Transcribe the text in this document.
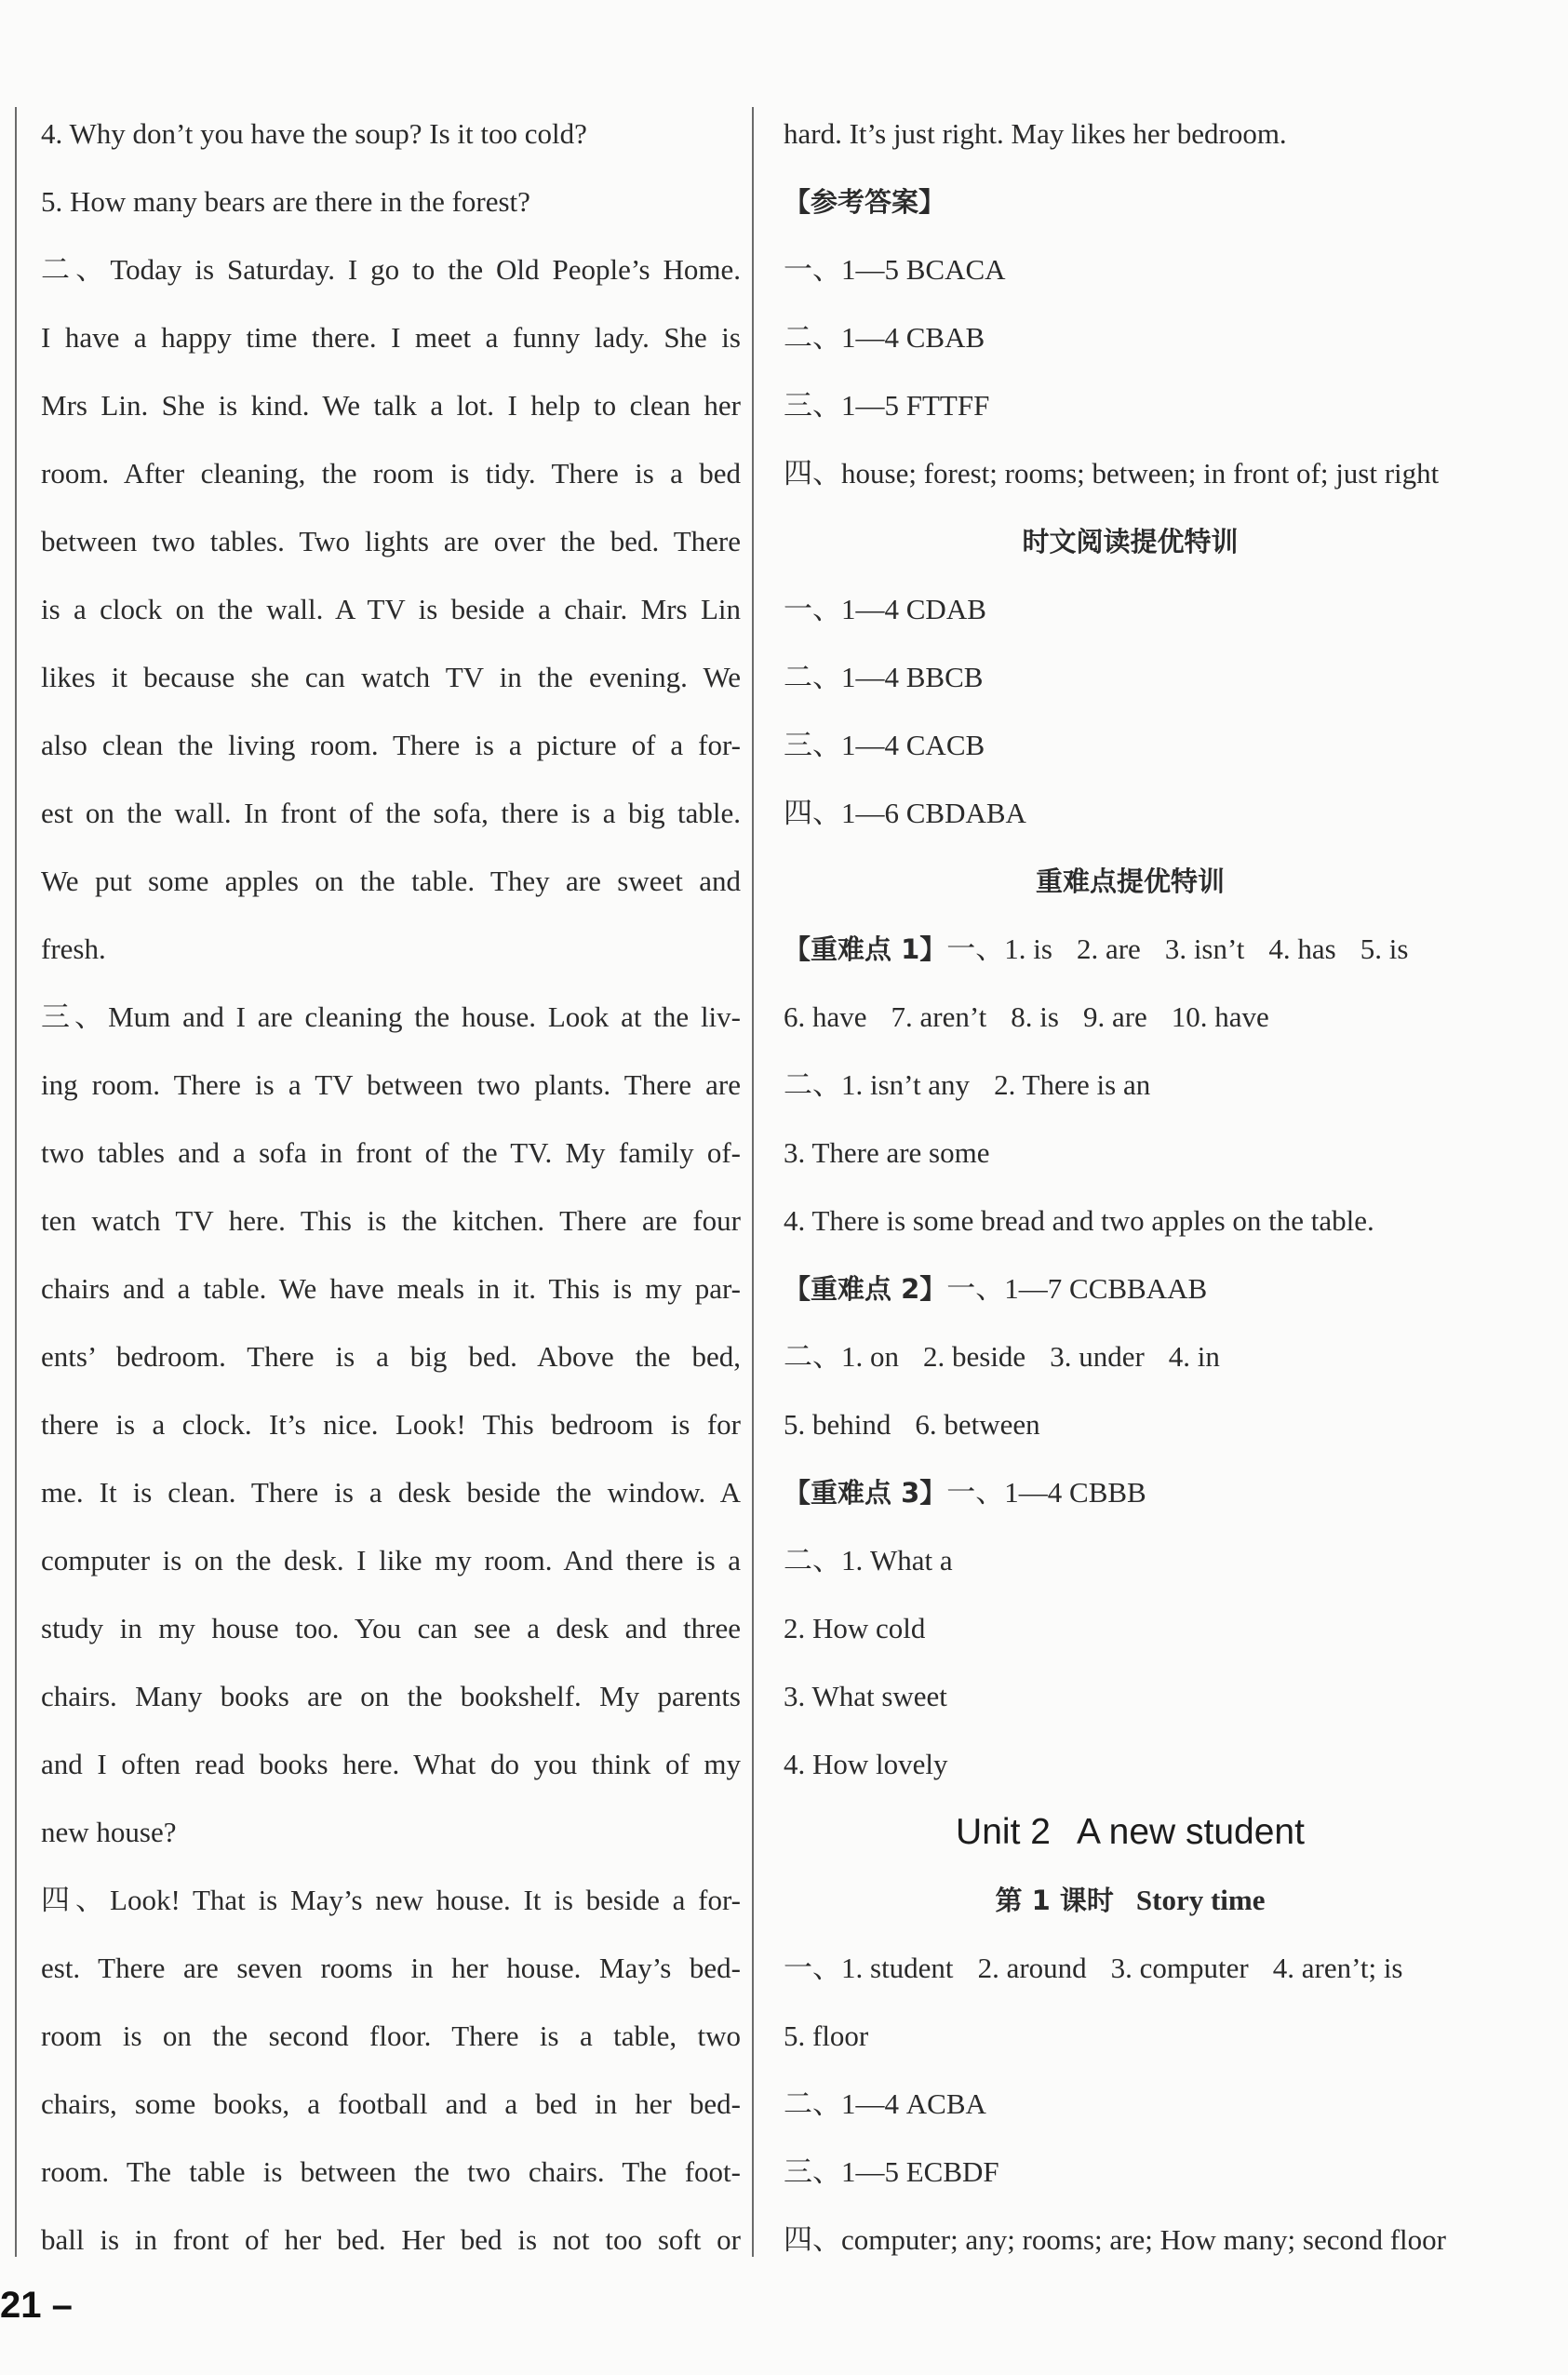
4. Why don’t you have the soup? Is it too cold?
5. How many bears are there in the forest?
二、Today is Saturday. I go to the Old People’s Home.
I have a happy time there. I meet a funny lady. She is
Mrs Lin. She is kind. We talk a lot. I help to clean her
room. After cleaning, the room is tidy. There is a bed
between two tables. Two lights are over the bed. There
is a clock on the wall. A TV is beside a chair. Mrs Lin
likes it because she can watch TV in the evening. We
also clean the living room. There is a picture of a for-
est on the wall. In front of the sofa, there is a big table.
We put some apples on the table. They are sweet and
fresh.
三、Mum and I are cleaning the house. Look at the liv-
ing room. There is a TV between two plants. There are
two tables and a sofa in front of the TV. My family of-
ten watch TV here. This is the kitchen. There are four
chairs and a table. We have meals in it. This is my par-
ents’ bedroom. There is a big bed. Above the bed,
there is a clock. It’s nice. Look! This bedroom is for
me. It is clean. There is a desk beside the window. A
computer is on the desk. I like my room. And there is a
study in my house too. You can see a desk and three
chairs. Many books are on the bookshelf. My parents
and I often read books here. What do you think of my
new house?
四、Look! That is May’s new house. It is beside a for-
est. There are seven rooms in her house. May’s bed-
room is on the second floor. There is a table, two
chairs, some books, a football and a bed in her bed-
room. The table is between the two chairs. The foot-
ball is in front of her bed. Her bed is not too soft or
hard. It’s just right. May likes her bedroom.
【参考答案】
一、1—5 BCACA
二、1—4 CBAB
三、1—5 FTTFF
四、house; forest; rooms; between; in front of; just right
时文阅读提优特训
一、1—4 CDAB
二、1—4 BBCB
三、1—4 CACB
四、1—6 CBDABA
重难点提优特训
【重难点 1】一、1. is 2. are 3. isn’t 4. has 5. is
6. have 7. aren’t 8. is 9. are 10. have
二、1. isn’t any 2. There is an
3. There are some
4. There is some bread and two apples on the table.
【重难点 2】一、1—7 CCBBAAB
二、1. on 2. beside 3. under 4. in
5. behind 6. between
【重难点 3】一、1—4 CBBB
二、1. What a
2. How cold
3. What sweet
4. How lovely
Unit 2 A new student
第 1 课时 Story time
一、1. student 2. around 3. computer 4. aren’t; is
5. floor
二、1—4 ACBA
三、1—5 ECBDF
四、computer; any; rooms; are; How many; second floor
21 –
